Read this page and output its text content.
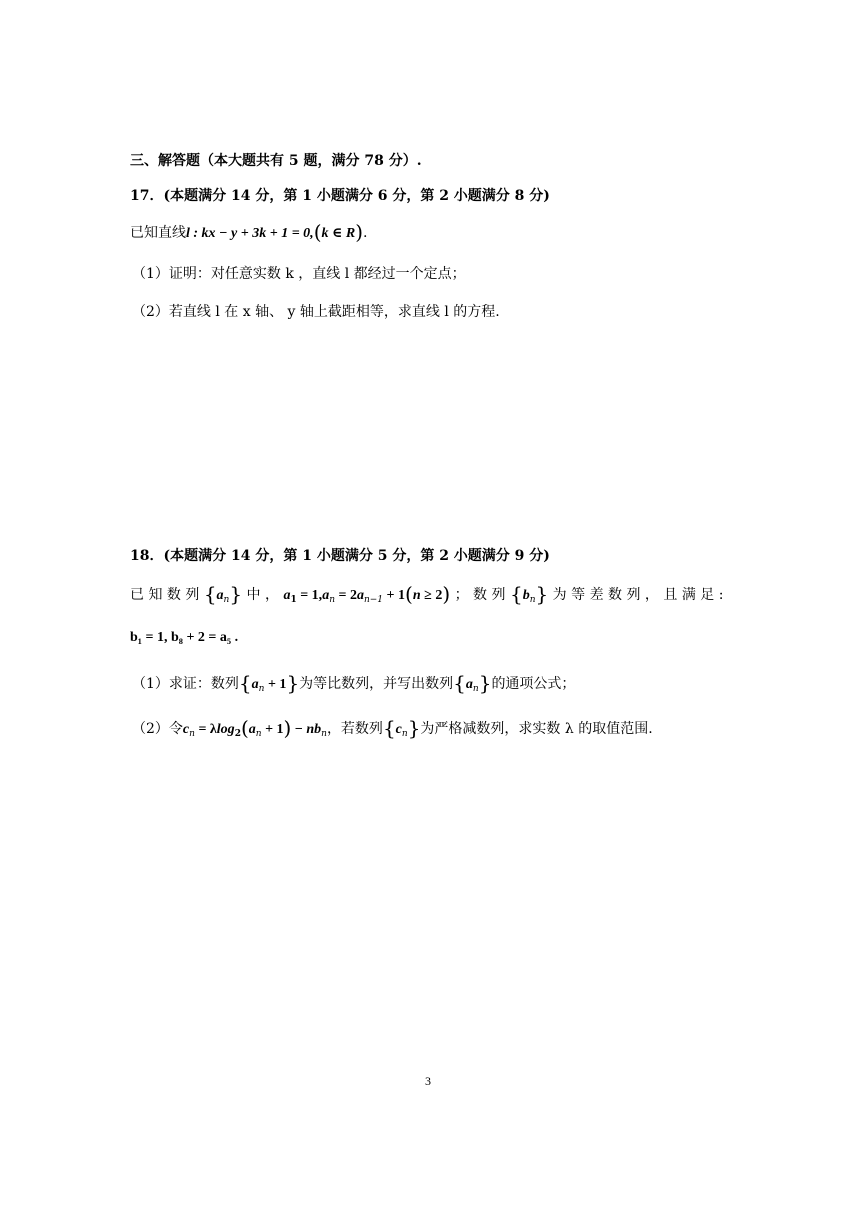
三、解答题（本大题共有 5 题，满分 78 分）.
17．(本题满分 14 分，第 1 小题满分 6 分，第 2 小题满分 8 分)
已知直线l : kx − y + 3k + 1 = 0,(k ∈ R).
（1）证明：对任意实数 k ，直线 l 都经过一个定点；
（2）若直线 l 在 x 轴、 y 轴上截距相等，求直线 l 的方程.
18．(本题满分 14 分，第 1 小题满分 5 分，第 2 小题满分 9 分)
已 知 数 列 $\{a_n\}$ 中 ， $a_1 = 1,a_n = 2a_{n-1} + 1(n \ge 2)$ ； 数 列 $\{b_n\}$ 为 等 差 数 列 ， 且 满 足 :
b₁ = 1, b₈ + 2 = a₅ .
（1）求证：数列$\{a_n + 1\}$为等比数列，并写出数列$\{a_n\}$的通项公式；
（2）令$c_n = \lambda\log_2(a_n + 1) - nb_n$，若数列$\{c_n\}$为严格减数列，求实数 λ 的取值范围.
3
